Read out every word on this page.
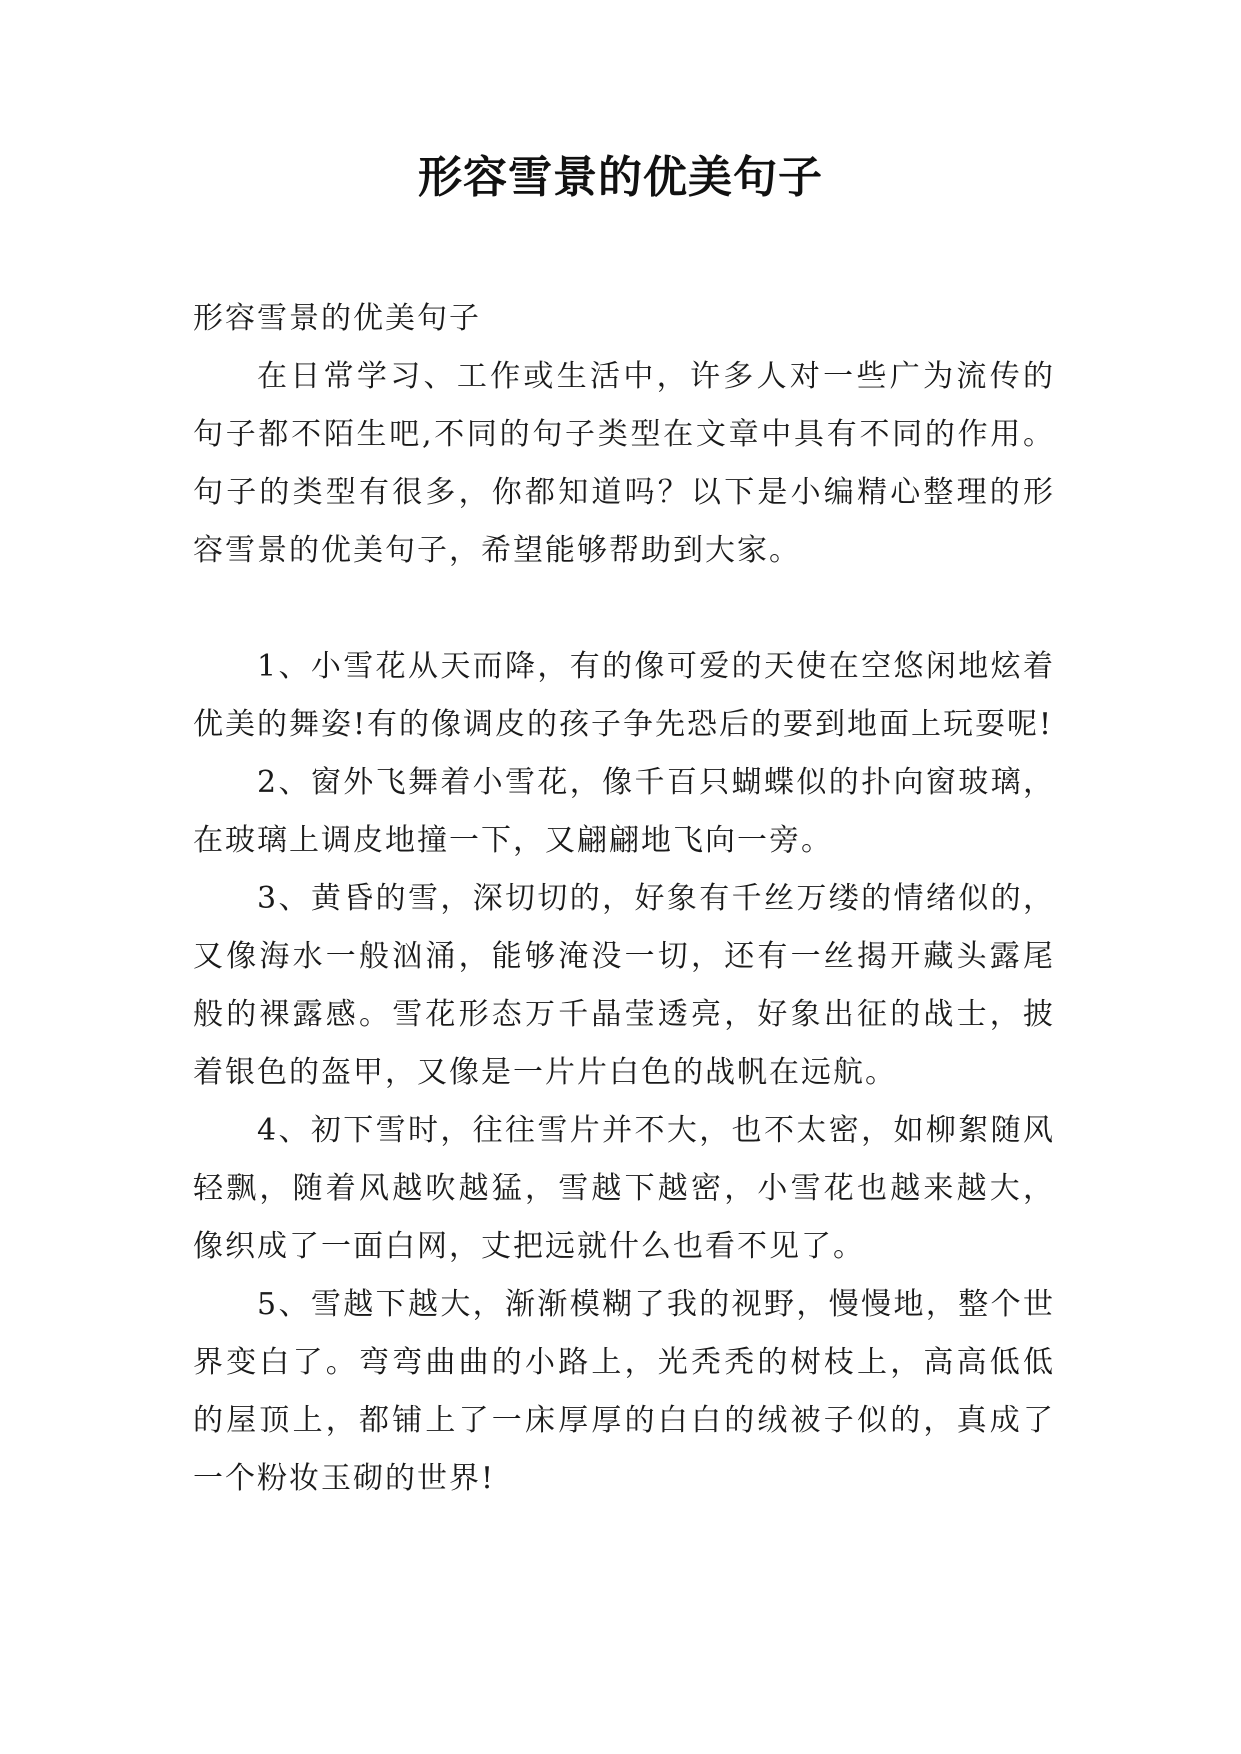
形容雪景的优美句子

形容雪景的优美句子

在日常学习、工作或生活中，许多人对一些广为流传的句子都不陌生吧,不同的句子类型在文章中具有不同的作用。句子的类型有很多，你都知道吗？以下是小编精心整理的形容雪景的优美句子，希望能够帮助到大家。

1、小雪花从天而降，有的像可爱的天使在空悠闲地炫着优美的舞姿!有的像调皮的孩子争先恐后的要到地面上玩耍呢!

2、窗外飞舞着小雪花，像千百只蝴蝶似的扑向窗玻璃，在玻璃上调皮地撞一下，又翩翩地飞向一旁。

3、黄昏的雪，深切切的，好象有千丝万缕的情绪似的，又像海水一般汹涌，能够淹没一切，还有一丝揭开藏头露尾般的裸露感。雪花形态万千晶莹透亮，好象出征的战士，披着银色的盔甲，又像是一片片白色的战帆在远航。

4、初下雪时，往往雪片并不大，也不太密，如柳絮随风轻飘，随着风越吹越猛，雪越下越密，小雪花也越来越大，像织成了一面白网，丈把远就什么也看不见了。

5、雪越下越大，渐渐模糊了我的视野，慢慢地，整个世界变白了。弯弯曲曲的小路上，光秃秃的树枝上，高高低低的屋顶上，都铺上了一床厚厚的白白的绒被子似的，真成了一个粉妆玉砌的世界!
